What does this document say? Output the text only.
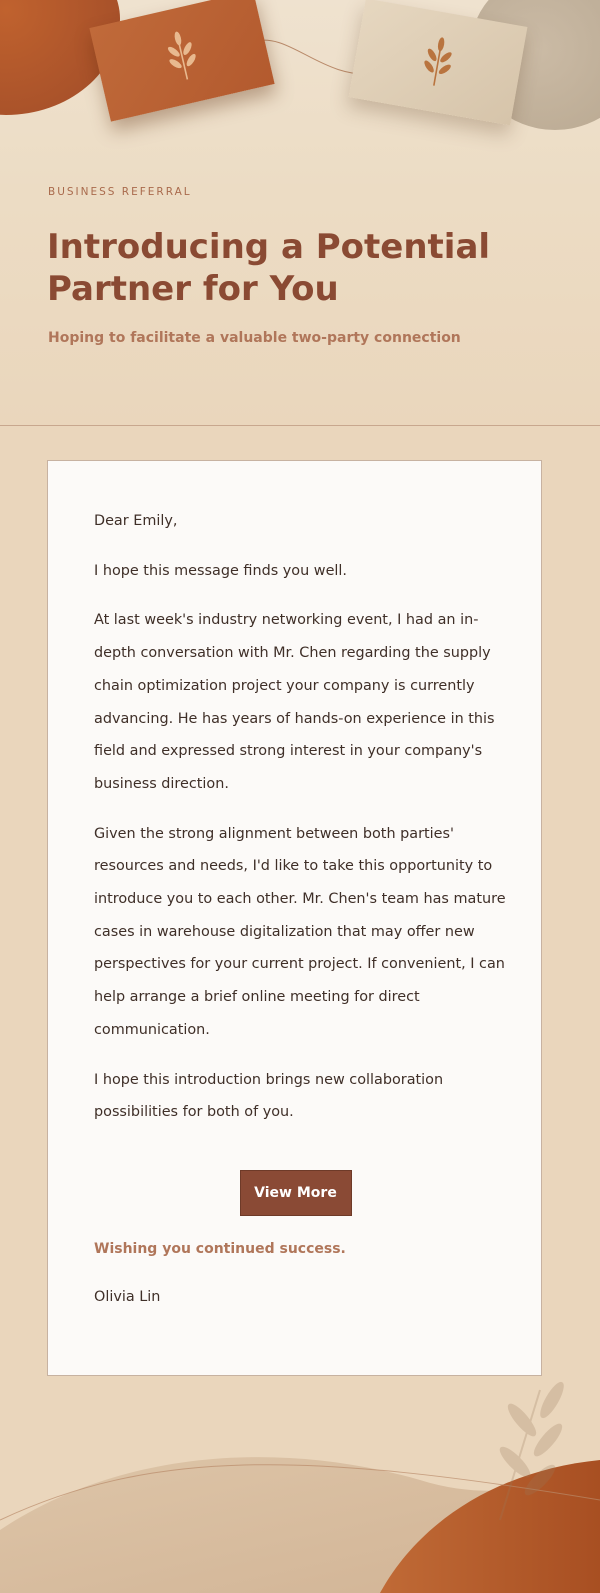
BUSINESS REFERRAL
Introducing a Potential Partner for You
Hoping to facilitate a valuable two-party connection

Dear Emily,

I hope this message finds you well.

At last week's industry networking event, I had an in-depth conversation with Mr. Chen regarding the supply chain optimization project your company is currently advancing. He has years of hands-on experience in this field and expressed strong interest in your company's business direction.

Given the strong alignment between both parties' resources and needs, I'd like to take this opportunity to introduce you to each other. Mr. Chen's team has mature cases in warehouse digitalization that may offer new perspectives for your current project. If convenient, I can help arrange a brief online meeting for direct communication.

I hope this introduction brings new collaboration possibilities for both of you.

View More
Wishing you continued success.
Olivia Lin
